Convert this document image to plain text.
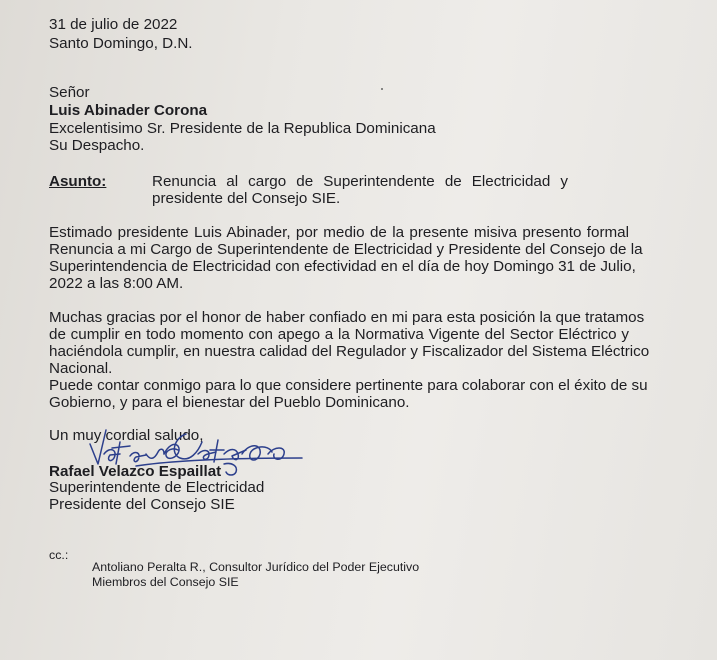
31 de julio de 2022
Santo Domingo, D.N.
Señor
Luis Abinader Corona
Excelentisimo Sr. Presidente de la Republica Dominicana
Su Despacho.
Asunto:	Renuncia al cargo de Superintendente de Electricidad y
presidente del Consejo SIE.
Estimado presidente Luis Abinader, por medio de la presente misiva presento formal
Renuncia a mi Cargo de Superintendente de Electricidad y Presidente del Consejo de la
Superintendencia de Electricidad con efectividad en el día de hoy Domingo 31 de Julio,
2022 a las 8:00 AM.
Muchas gracias por el honor de haber confiado en mi para esta posición la que tratamos
de cumplir en todo momento con apego a la Normativa Vigente del Sector Eléctrico y
haciéndola cumplir, en nuestra calidad del Regulador y Fiscalizador del Sistema Eléctrico
Nacional.
Puede contar conmigo para lo que considere pertinente para colaborar con el éxito de su
Gobierno, y para el bienestar del Pueblo Dominicano.
Un muy cordial saludo,
Rafael Velazco Espaillat
Superintendente de Electricidad
Presidente del Consejo SIE
cc.:
Antoliano Peralta R., Consultor Jurídico del Poder Ejecutivo
Miembros del Consejo SIE
